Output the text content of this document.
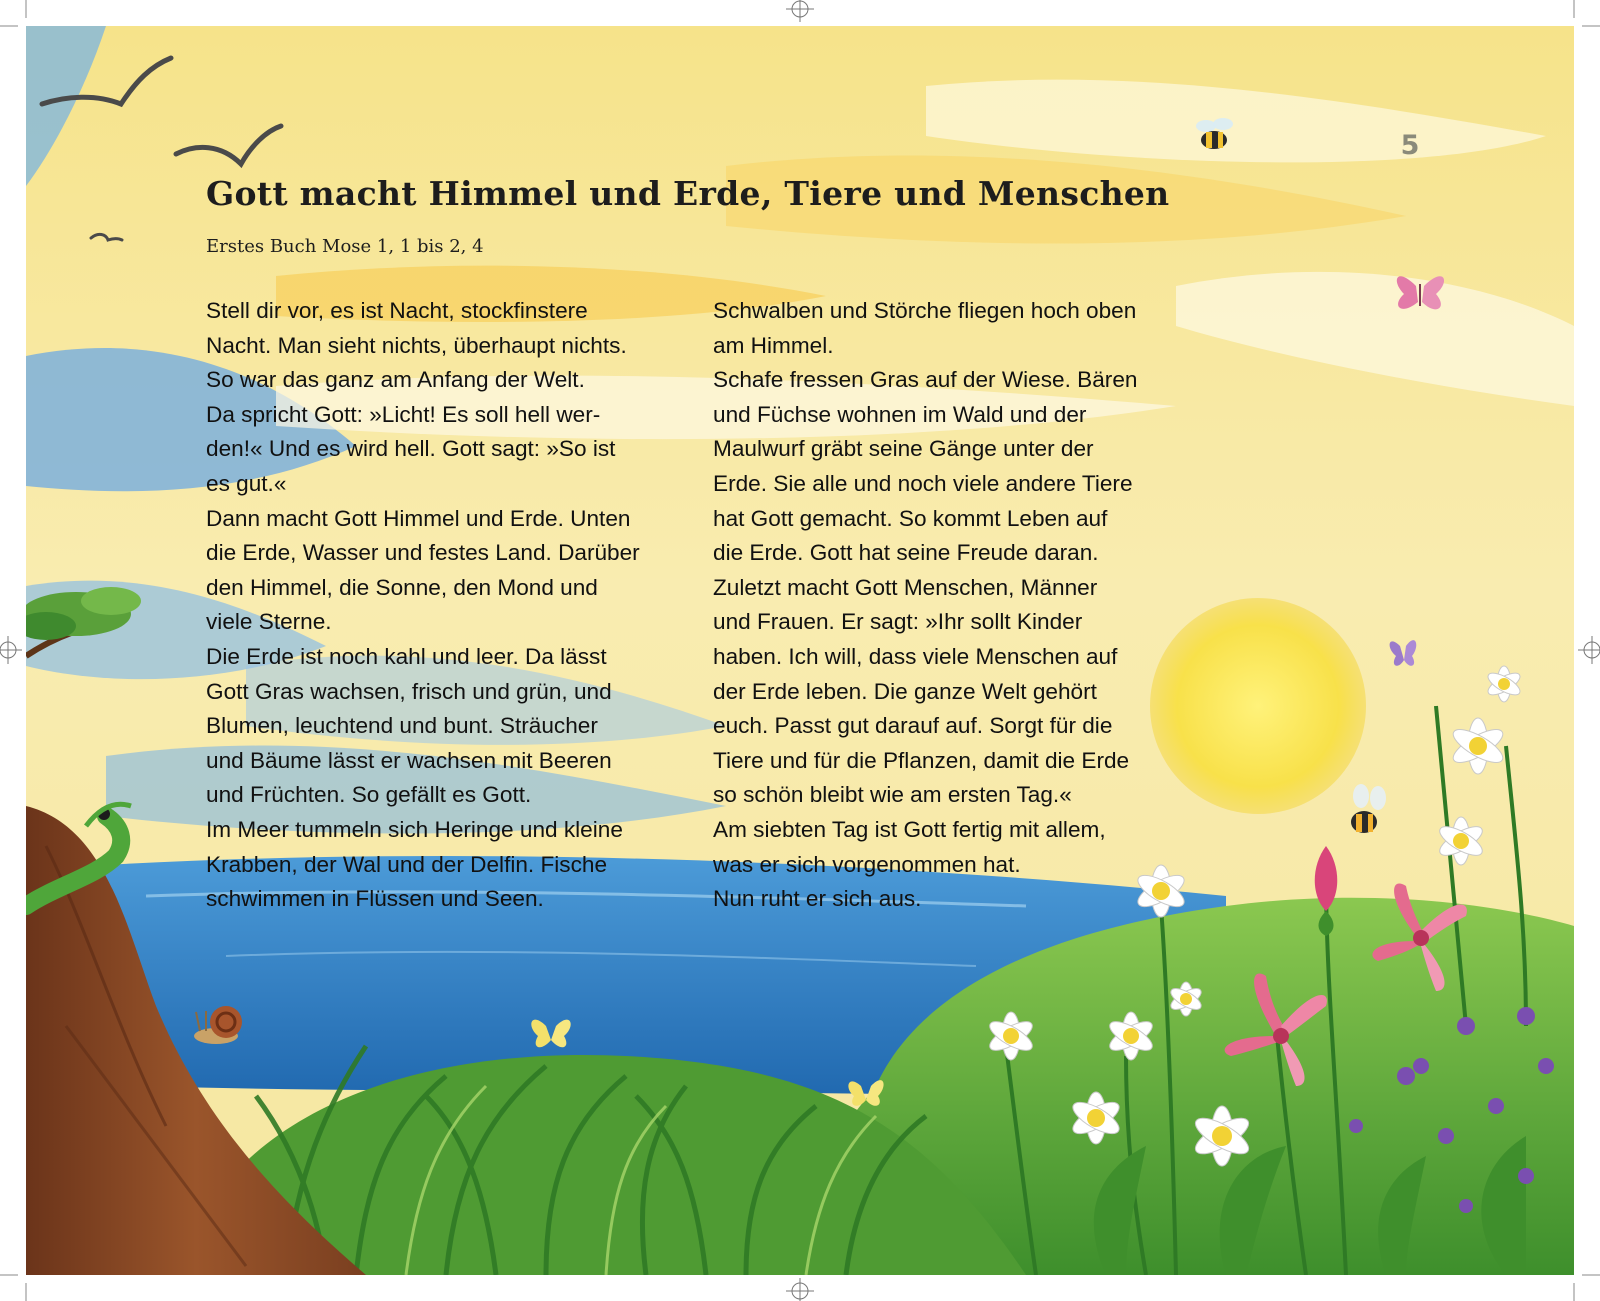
5
Gott macht Himmel und Erde, Tiere und Menschen
Erstes Buch Mose 1, 1 bis 2, 4
Stell dir vor, es ist Nacht, stockfinstere
Nacht. Man sieht nichts, überhaupt nichts.
So war das ganz am Anfang der Welt.
Da spricht Gott: »Licht! Es soll hell wer-
den!« Und es wird hell. Gott sagt: »So ist
es gut.«
Dann macht Gott Himmel und Erde. Unten
die Erde, Wasser und festes Land. Darüber
den Himmel, die Sonne, den Mond und
viele Sterne.
Die Erde ist noch kahl und leer. Da lässt
Gott Gras wachsen, frisch und grün, und
Blumen, leuchtend und bunt. Sträucher
und Bäume lässt er wachsen mit Beeren
und Früchten. So gefällt es Gott.
Im Meer tummeln sich Heringe und kleine
Krabben, der Wal und der Delfin. Fische
schwimmen in Flüssen und Seen.
Schwalben und Störche fliegen hoch oben
am Himmel.
Schafe fressen Gras auf der Wiese. Bären
und Füchse wohnen im Wald und der
Maulwurf gräbt seine Gänge unter der
Erde. Sie alle und noch viele andere Tiere
hat Gott gemacht. So kommt Leben auf
die Erde. Gott hat seine Freude daran.
Zuletzt macht Gott Menschen, Männer
und Frauen. Er sagt: »Ihr sollt Kinder
haben. Ich will, dass viele Menschen auf
der Erde leben. Die ganze Welt gehört
euch. Passt gut darauf auf. Sorgt für die
Tiere und für die Pflanzen, damit die Erde
so schön bleibt wie am ersten Tag.«
Am siebten Tag ist Gott fertig mit allem,
was er sich vorgenommen hat.
Nun ruht er sich aus.
